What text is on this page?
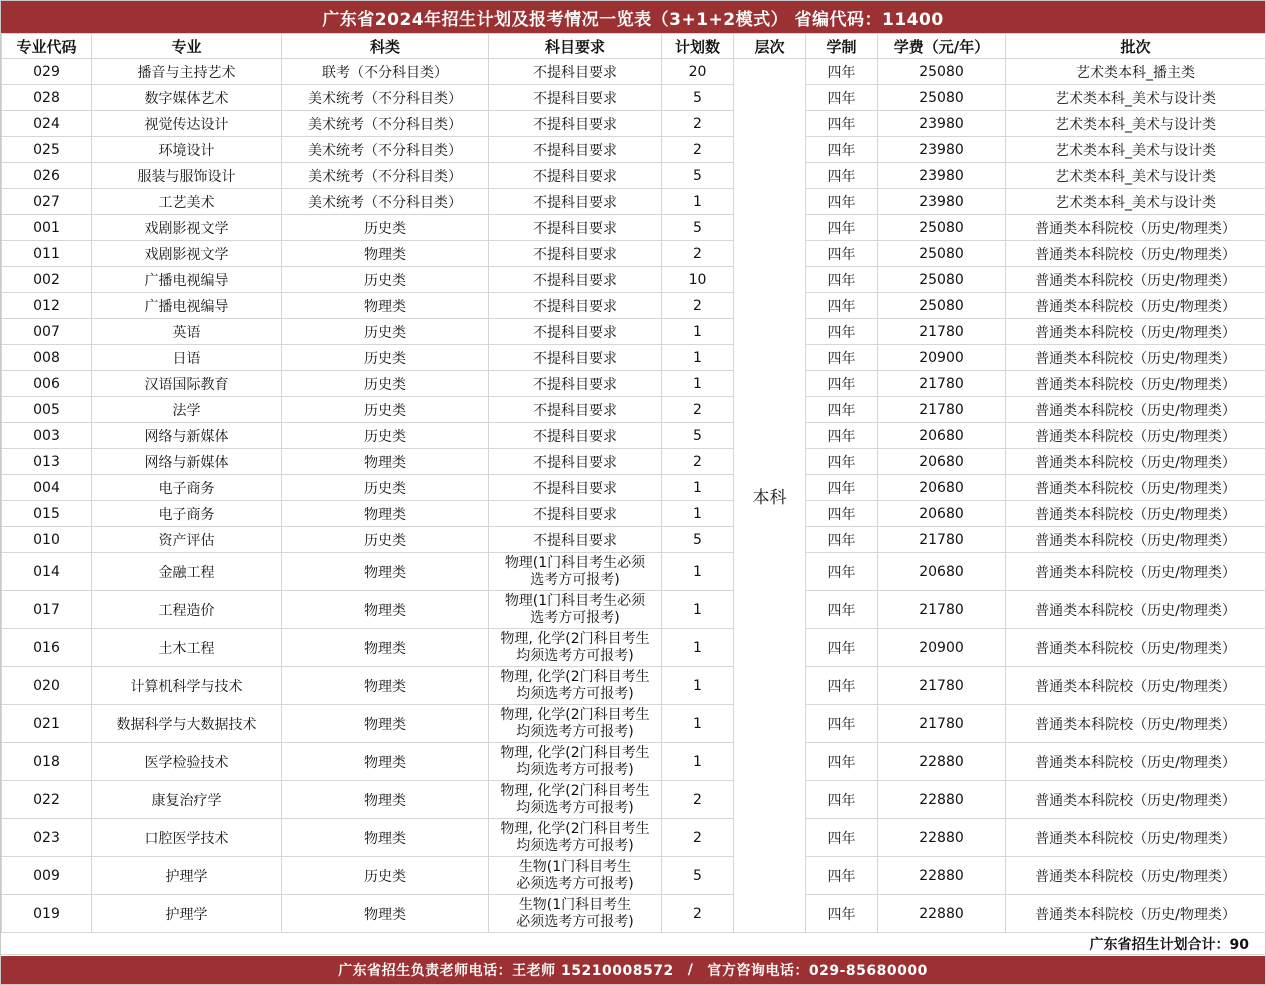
广东省2024年招生计划及报考情况一览表（3+1+2模式） 省编代码：11400
专业代码	专业	科类	科目要求	计划数	层次	学制	学费（元/年）	批次
029	播音与主持艺术	联考（不分科目类）	不提科目要求	20	本科	四年	25080	艺术类本科_播主类
028	数字媒体艺术	美术统考（不分科目类）	不提科目要求	5		四年	25080	艺术类本科_美术与设计类
024	视觉传达设计	美术统考（不分科目类）	不提科目要求	2		四年	23980	艺术类本科_美术与设计类
025	环境设计	美术统考（不分科目类）	不提科目要求	2		四年	23980	艺术类本科_美术与设计类
026	服装与服饰设计	美术统考（不分科目类）	不提科目要求	5		四年	23980	艺术类本科_美术与设计类
027	工艺美术	美术统考（不分科目类）	不提科目要求	1		四年	23980	艺术类本科_美术与设计类
001	戏剧影视文学	历史类	不提科目要求	5		四年	25080	普通类本科院校（历史/物理类）
011	戏剧影视文学	物理类	不提科目要求	2		四年	25080	普通类本科院校（历史/物理类）
002	广播电视编导	历史类	不提科目要求	10		四年	25080	普通类本科院校（历史/物理类）
012	广播电视编导	物理类	不提科目要求	2		四年	25080	普通类本科院校（历史/物理类）
007	英语	历史类	不提科目要求	1		四年	21780	普通类本科院校（历史/物理类）
008	日语	历史类	不提科目要求	1		四年	20900	普通类本科院校（历史/物理类）
006	汉语国际教育	历史类	不提科目要求	1		四年	21780	普通类本科院校（历史/物理类）
005	法学	历史类	不提科目要求	2		四年	21780	普通类本科院校（历史/物理类）
003	网络与新媒体	历史类	不提科目要求	5		四年	20680	普通类本科院校（历史/物理类）
013	网络与新媒体	物理类	不提科目要求	2		四年	20680	普通类本科院校（历史/物理类）
004	电子商务	历史类	不提科目要求	1		四年	20680	普通类本科院校（历史/物理类）
015	电子商务	物理类	不提科目要求	1		四年	20680	普通类本科院校（历史/物理类）
010	资产评估	历史类	不提科目要求	5		四年	21780	普通类本科院校（历史/物理类）
014	金融工程	物理类	物理(1门科目考生必须
选考方可报考)	1		四年	20680	普通类本科院校（历史/物理类）
017	工程造价	物理类	物理(1门科目考生必须
选考方可报考)	1		四年	21780	普通类本科院校（历史/物理类）
016	土木工程	物理类	物理, 化学(2门科目考生
均须选考方可报考)	1		四年	20900	普通类本科院校（历史/物理类）
020	计算机科学与技术	物理类	物理, 化学(2门科目考生
均须选考方可报考)	1		四年	21780	普通类本科院校（历史/物理类）
021	数据科学与大数据技术	物理类	物理, 化学(2门科目考生
均须选考方可报考)	1		四年	21780	普通类本科院校（历史/物理类）
018	医学检验技术	物理类	物理, 化学(2门科目考生
均须选考方可报考)	1		四年	22880	普通类本科院校（历史/物理类）
022	康复治疗学	物理类	物理, 化学(2门科目考生
均须选考方可报考)	2		四年	22880	普通类本科院校（历史/物理类）
023	口腔医学技术	物理类	物理, 化学(2门科目考生
均须选考方可报考)	2		四年	22880	普通类本科院校（历史/物理类）
009	护理学	历史类	生物(1门科目考生
必须选考方可报考)	5		四年	22880	普通类本科院校（历史/物理类）
019	护理学	物理类	生物(1门科目考生
必须选考方可报考)	2		四年	22880	普通类本科院校（历史/物理类）
广东省招生计划合计：90
广东省招生负责老师电话：王老师 15210008572 / 官方咨询电话：029-85680000
